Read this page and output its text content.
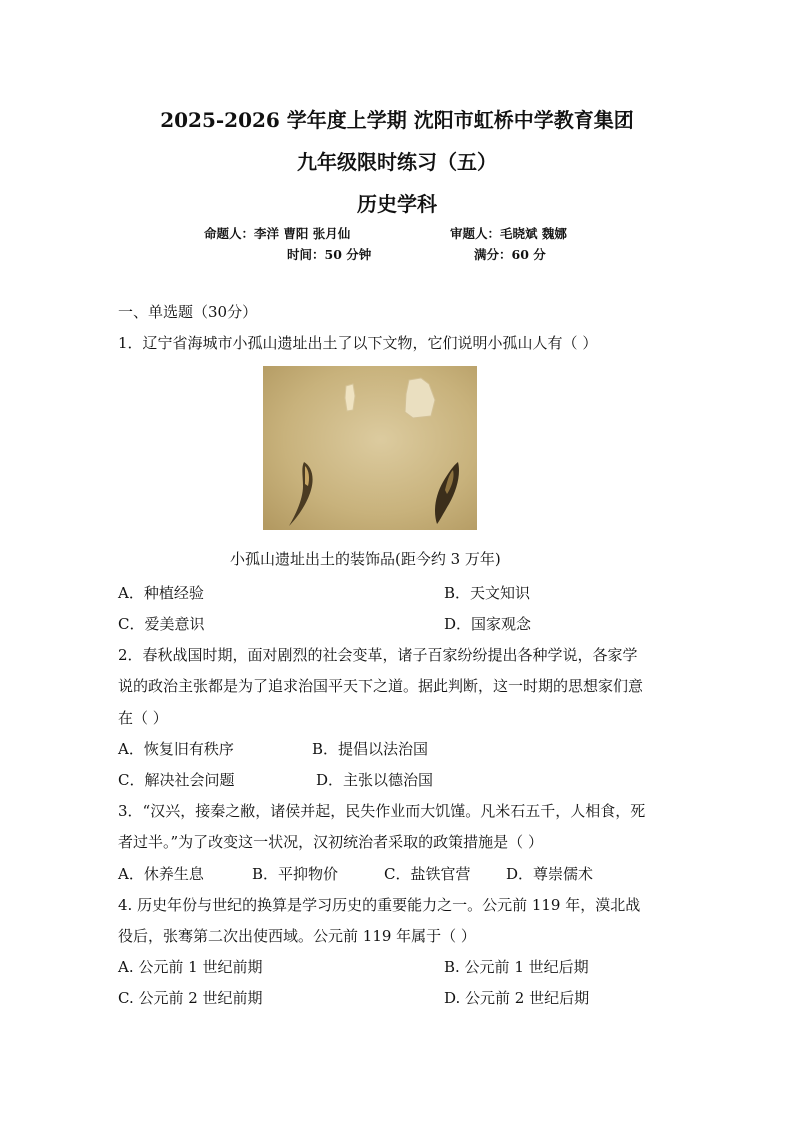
2025-2026 学年度上学期 沈阳市虹桥中学教育集团
九年级限时练习（五）
历史学科
命题人：李洋 曹阳 张月仙	审题人：毛晓斌 魏娜
时间：50 分钟	满分：60 分
一、单选题（30分）
1．辽宁省海城市小孤山遗址出土了以下文物，它们说明小孤山人有（ ）
小孤山遗址出土的装饰品(距今约 3 万年)
A．种植经验	B．天文知识
C．爱美意识	D．国家观念
2．春秋战国时期，面对剧烈的社会变革，诸子百家纷纷提出各种学说，各家学
说的政治主张都是为了追求治国平天下之道。据此判断，这一时期的思想家们意
在（ ）
A．恢复旧有秩序	B．提倡以法治国
C．解决社会问题	D．主张以德治国
3．“汉兴，接秦之敝，诸侯并起，民失作业而大饥馑。凡米石五千，人相食，死
者过半。”为了改变这一状况，汉初统治者采取的政策措施是（ ）
A．休养生息	B．平抑物价	C．盐铁官营 D．尊崇儒术
4. 历史年份与世纪的换算是学习历史的重要能力之一。公元前 119 年，漠北战
役后，张骞第二次出使西域。公元前 119 年属于（ ）
A. 公元前 1 世纪前期	B. 公元前 1 世纪后期
C. 公元前 2 世纪前期	D. 公元前 2 世纪后期
